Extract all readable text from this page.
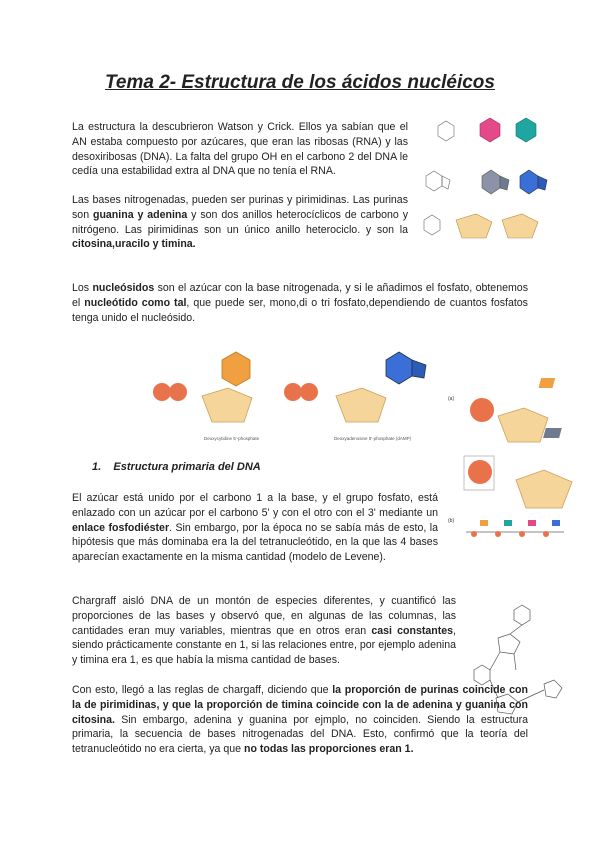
Tema 2- Estructura de los ácidos nucléicos

La estructura la descubrieron Watson y Crick. Ellos ya sabían que el AN estaba compuesto por azúcares, que eran las ribosas (RNA) y las desoxiribosas (DNA). La falta del grupo OH en el carbono 2 del DNA le cedía una estabilidad extra al DNA que no tenía el RNA.

Las bases nitrogenadas, pueden ser purinas y pirimidinas. Las purinas son guanina y adenina y son dos anillos heterocíclicos de carbono y nitrógeno. Las pirimidinas son un único anillo heterociclo. y son la citosina,uracilo y timina.

Los nucleósidos son el azúcar con la base nitrogenada, y si le añadimos el fosfato, obtenemos el nucleótido como tal, que puede ser, mono,di o tri fosfato,dependiendo de cuantos fosfatos tenga unido el nucleósido.

Deoxycytidine 5'-phosphate	Deoxyadenosine 5'-phosphate (dAMP)
(a)
(b)
1. Estructura primaria del DNA

El azúcar está unido por el carbono 1 a la base, y el grupo fosfato, está enlazado con un azúcar por el carbono 5' y con el otro con el 3' mediante un enlace fosfodiéster. Sin embargo, por la época no se sabía más de esto, la hipótesis que más dominaba era la del tetranucleótido, en la que las 4 bases aparecían exactamente en la misma cantidad (modelo de Levene).

Chargraff aisló DNA de un montón de especies diferentes, y cuantificó las proporciones de las bases y observó que, en algunas de las columnas, las cantidades eran muy variables, mientras que en otros eran casi constantes, siendo prácticamente constante en 1, si las relaciones entre, por ejemplo adenina y timina era 1, es que había la misma cantidad de bases.

Con esto, llegó a las reglas de chargaff, diciendo que la proporción de purinas coincide con la de pirimidinas, y que la proporción de timina coincide con la de adenina y guanina con citosina. Sin embargo, adenina y guanina por ejmplo, no coinciden. Siendo la estructura primaria, la secuencia de bases nitrogenadas del DNA. Esto, confirmó que la teoría del tetranucleótido no era cierta, ya que no todas las proporciones eran 1.
